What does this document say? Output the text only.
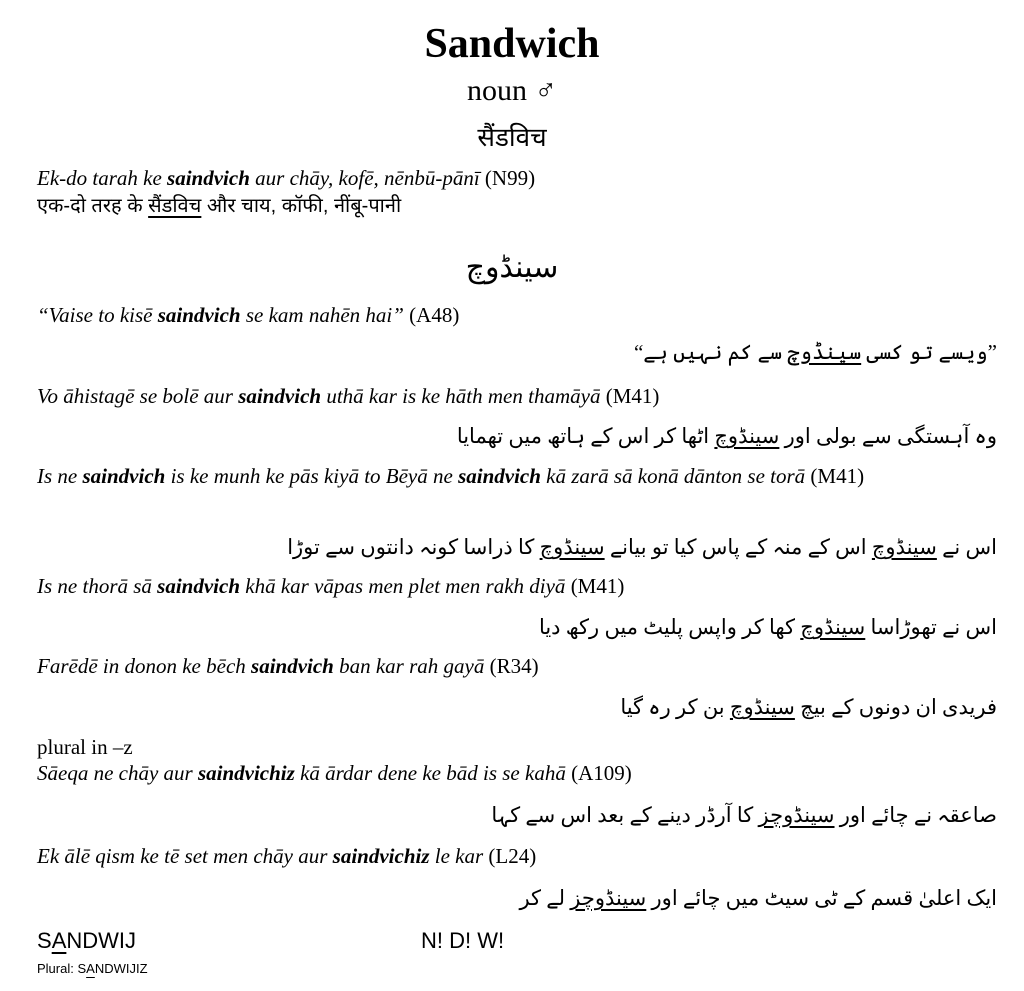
Sandwich
noun ♂
सैंडविच
Ek-do tarah ke saindvich aur chāy, kofē, nēnbū-pānī (N99)
एक-दो तरह के सैंडविच और चाय, कॉफी, नींबू-पानी
سینڈوچ
“Vaise to kisē saindvich se kam nahēn hai” (A48)
”ویسے تو کسی سینڈوچ سے کم نہیں ہے“
Vo āhistagē se bolē aur saindvich uthā kar is ke hāth men thamāyā (M41)
وہ آہستگی سے بولی اور سینڈوچ اٹھا کر اس کے ہاتھ میں تھمایا
Is ne saindvich is ke munh ke pās kiyā to Bēyā ne saindvich kā zarā sā konā dānton se torā (M41)
اس نے سینڈوچ اس کے منہ کے پاس کیا تو بیانے سینڈوچ کا ذراسا کونہ دانتوں سے توڑا
Is ne thorā sā saindvich khā kar vāpas men plet men rakh diyā (M41)
اس نے تھوڑاسا سینڈوچ کھا کر واپس پلیٹ میں رکھ دیا
Farēdē in donon ke bēch saindvich ban kar rah gayā (R34)
فریدی ان دونوں کے بیچ سینڈوچ بن کر رہ گیا
plural in –z
Sāeqa ne chāy aur saindvichiz kā ārdar dene ke bād is se kahā (A109)
صاعقہ نے چائے اور سینڈوچز کا آرڈر دینے کے بعد اس سے کہا
Ek ālē qism ke tē set men chāy aur saindvichiz le kar (L24)
ایک اعلیٰ قسم کے ٹی سیٹ میں چائے اور سینڈوچز لے کر
SANDWIJ	N! D! W!
Plural: SANDWIJIZ
